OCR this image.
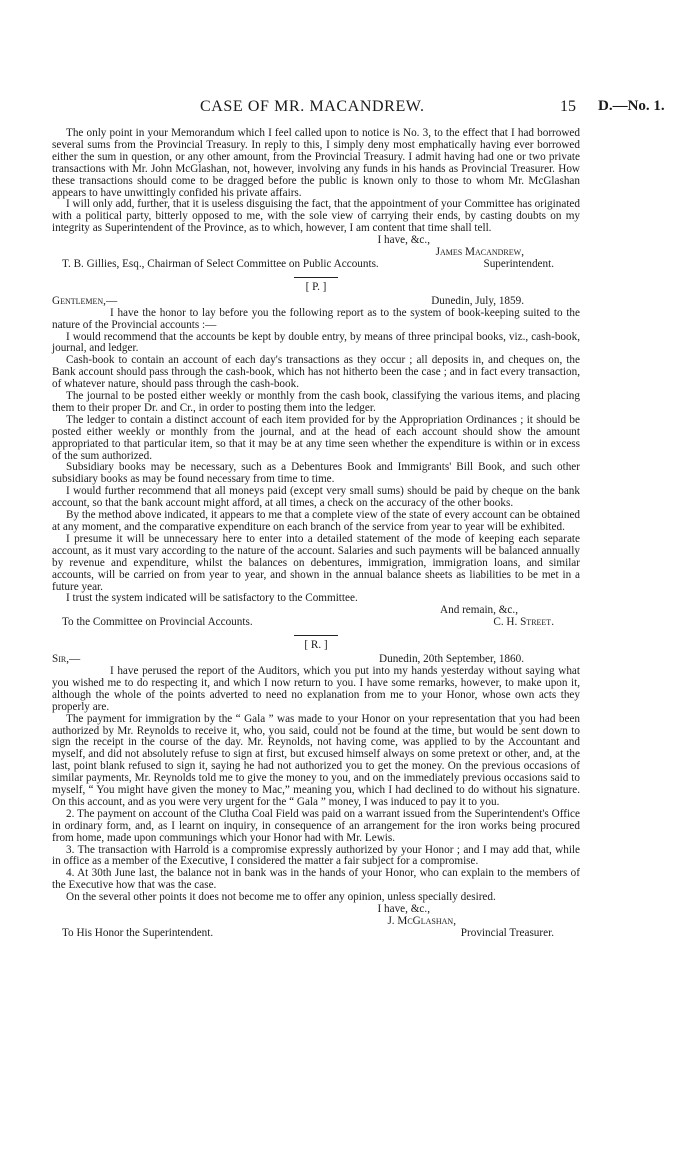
CASE OF MR. MACANDREW.	15 D.—No. 1.

The only point in your Memorandum which I feel called upon to notice is No. 3, to the effect that I had borrowed several sums from the Provincial Treasury. In reply to this, I simply deny most emphatically having ever borrowed either the sum in question, or any other amount, from the Provincial Treasury. I admit having had one or two private transactions with Mr. John McGlashan, not, however, involving any funds in his hands as Provincial Treasurer. How these transactions should come to be dragged before the public is known only to those to whom Mr. McGlashan appears to have unwittingly confided his private affairs.

I will only add, further, that it is useless disguising the fact, that the appointment of your Committee has originated with a political party, bitterly opposed to me, with the sole view of carrying their ends, by casting doubts on my integrity as Superintendent of the Province, as to which, however, I am content that time shall tell.

I have, &c.,
James Macandrew,
T. B. Gillies, Esq., Chairman of Select Committee on Public Accounts.	Superintendent.
[ P. ]
Gentlemen,—	Dunedin, July, 1859.

I have the honor to lay before you the following report as to the system of book-keeping suited to the nature of the Provincial accounts :—

I would recommend that the accounts be kept by double entry, by means of three principal books, viz., cash-book, journal, and ledger.

Cash-book to contain an account of each day's transactions as they occur ; all deposits in, and cheques on, the Bank account should pass through the cash-book, which has not hitherto been the case ; and in fact every transaction, of whatever nature, should pass through the cash-book.

The journal to be posted either weekly or monthly from the cash book, classifying the various items, and placing them to their proper Dr. and Cr., in order to posting them into the ledger.

The ledger to contain a distinct account of each item provided for by the Appropriation Ordinances ; it should be posted either weekly or monthly from the journal, and at the head of each account should show the amount appropriated to that particular item, so that it may be at any time seen whether the expenditure is within or in excess of the sum authorized.

Subsidiary books may be necessary, such as a Debentures Book and Immigrants' Bill Book, and such other subsidiary books as may be found necessary from time to time.

I would further recommend that all moneys paid (except very small sums) should be paid by cheque on the bank account, so that the bank account might afford, at all times, a check on the accuracy of the other books.

By the method above indicated, it appears to me that a complete view of the state of every account can be obtained at any moment, and the comparative expenditure on each branch of the service from year to year will be exhibited.

I presume it will be unnecessary here to enter into a detailed statement of the mode of keeping each separate account, as it must vary according to the nature of the account. Salaries and such payments will be balanced annually by revenue and expenditure, whilst the balances on debentures, immigration, immigration loans, and similar accounts, will be carried on from year to year, and shown in the annual balance sheets as liabilities to be met in a future year.

I trust the system indicated will be satisfactory to the Committee.

And remain, &c.,
To the Committee on Provincial Accounts.	C. H. Street.
[ R. ]
Sir,—	Dunedin, 20th September, 1860.

I have perused the report of the Auditors, which you put into my hands yesterday without saying what you wished me to do respecting it, and which I now return to you. I have some remarks, however, to make upon it, although the whole of the points adverted to need no explanation from me to your Honor, whose own acts they properly are.

The payment for immigration by the “ Gala ” was made to your Honor on your representation that you had been authorized by Mr. Reynolds to receive it, who, you said, could not be found at the time, but would be sent down to sign the receipt in the course of the day. Mr. Reynolds, not having come, was applied to by the Accountant and myself, and did not absolutely refuse to sign at first, but excused himself always on some pretext or other, and, at the last, point blank refused to sign it, saying he had not authorized you to get the money. On the previous occasions of similar payments, Mr. Reynolds told me to give the money to you, and on the immediately previous occasions said to myself, “ You might have given the money to Mac,” meaning you, which I had declined to do without his signature. On this account, and as you were very urgent for the “ Gala ” money, I was induced to pay it to you.

2. The payment on account of the Clutha Coal Field was paid on a warrant issued from the Superintendent's Office in ordinary form, and, as I learnt on inquiry, in consequence of an arrangement for the iron works being procured from home, made upon communings which your Honor had with Mr. Lewis.

3. The transaction with Harrold is a compromise expressly authorized by your Honor ; and I may add that, while in office as a member of the Executive, I considered the matter a fair subject for a compromise.

4. At 30th June last, the balance not in bank was in the hands of your Honor, who can explain to the members of the Executive how that was the case.

On the several other points it does not become me to offer any opinion, unless specially desired.

I have, &c.,
J. McGlashan,
To His Honor the Superintendent.	Provincial Treasurer.
